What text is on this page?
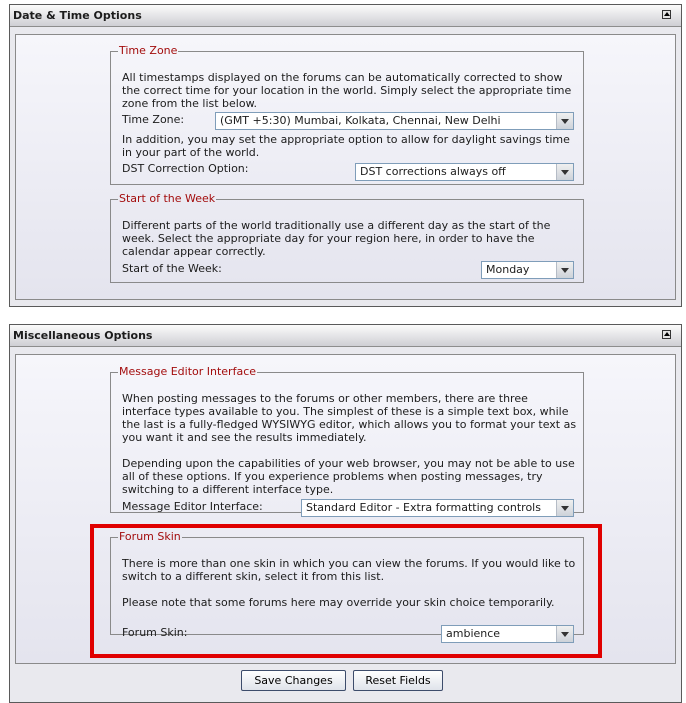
Date & Time Options
Time Zone
All timestamps displayed on the forums can be automatically corrected to show the correct time for your location in the world. Simply select the appropriate time zone from the list below.
Time Zone:	(GMT +5:30) Mumbai, Kolkata, Chennai, New Delhi
In addition, you may set the appropriate option to allow for daylight savings time in your part of the world.
DST Correction Option:	DST corrections always off
Start of the Week
Different parts of the world traditionally use a different day as the start of the week. Select the appropriate day for your region here, in order to have the calendar appear correctly.
Start of the Week:	Monday
Miscellaneous Options
Message Editor Interface
When posting messages to the forums or other members, there are three interface types available to you. The simplest of these is a simple text box, while the last is a fully-fledged WYSIWYG editor, which allows you to format your text as you want it and see the results immediately.
Depending upon the capabilities of your web browser, you may not be able to use all of these options. If you experience problems when posting messages, try switching to a different interface type.
Message Editor Interface:	Standard Editor - Extra formatting controls
Forum Skin
There is more than one skin in which you can view the forums. If you would like to switch to a different skin, select it from this list.
Please note that some forums here may override your skin choice temporarily.
Forum Skin:	ambience
Save Changes	Reset Fields
